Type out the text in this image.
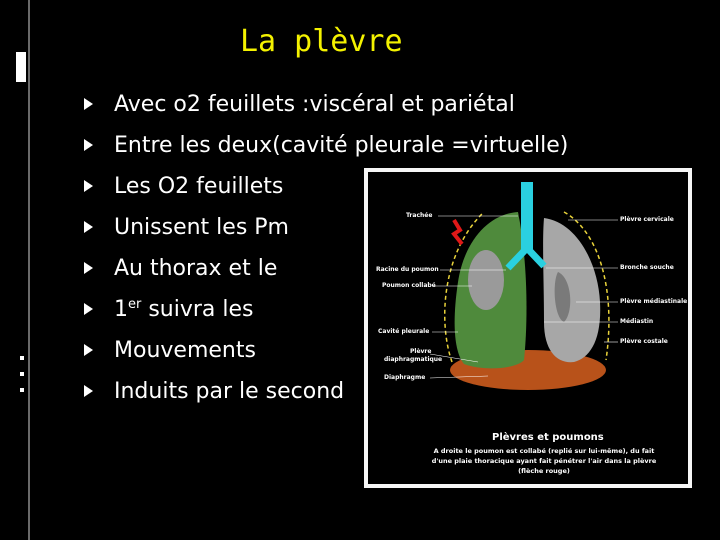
La plèvre
Avec o2 feuillets :viscéral et pariétal
Entre les deux(cavité pleurale =virtuelle)
Les O2 feuillets
Unissent les Pm
Au thorax et le
1er suivra les
Mouvements
Induits par le second
Trachée
Racine du poumon
Poumon collabé
Cavité pleurale
Plèvre
diaphragmatique
Diaphragme
Plèvre cervicale
Bronche souche
Plèvre médiastinale
Médiastin
Plèvre costale
Plèvres et poumons
A droite le poumon est collabé (replié sur lui-même), du fait d'une plaie thoracique ayant fait pénétrer l'air dans la plèvre (flèche rouge)
